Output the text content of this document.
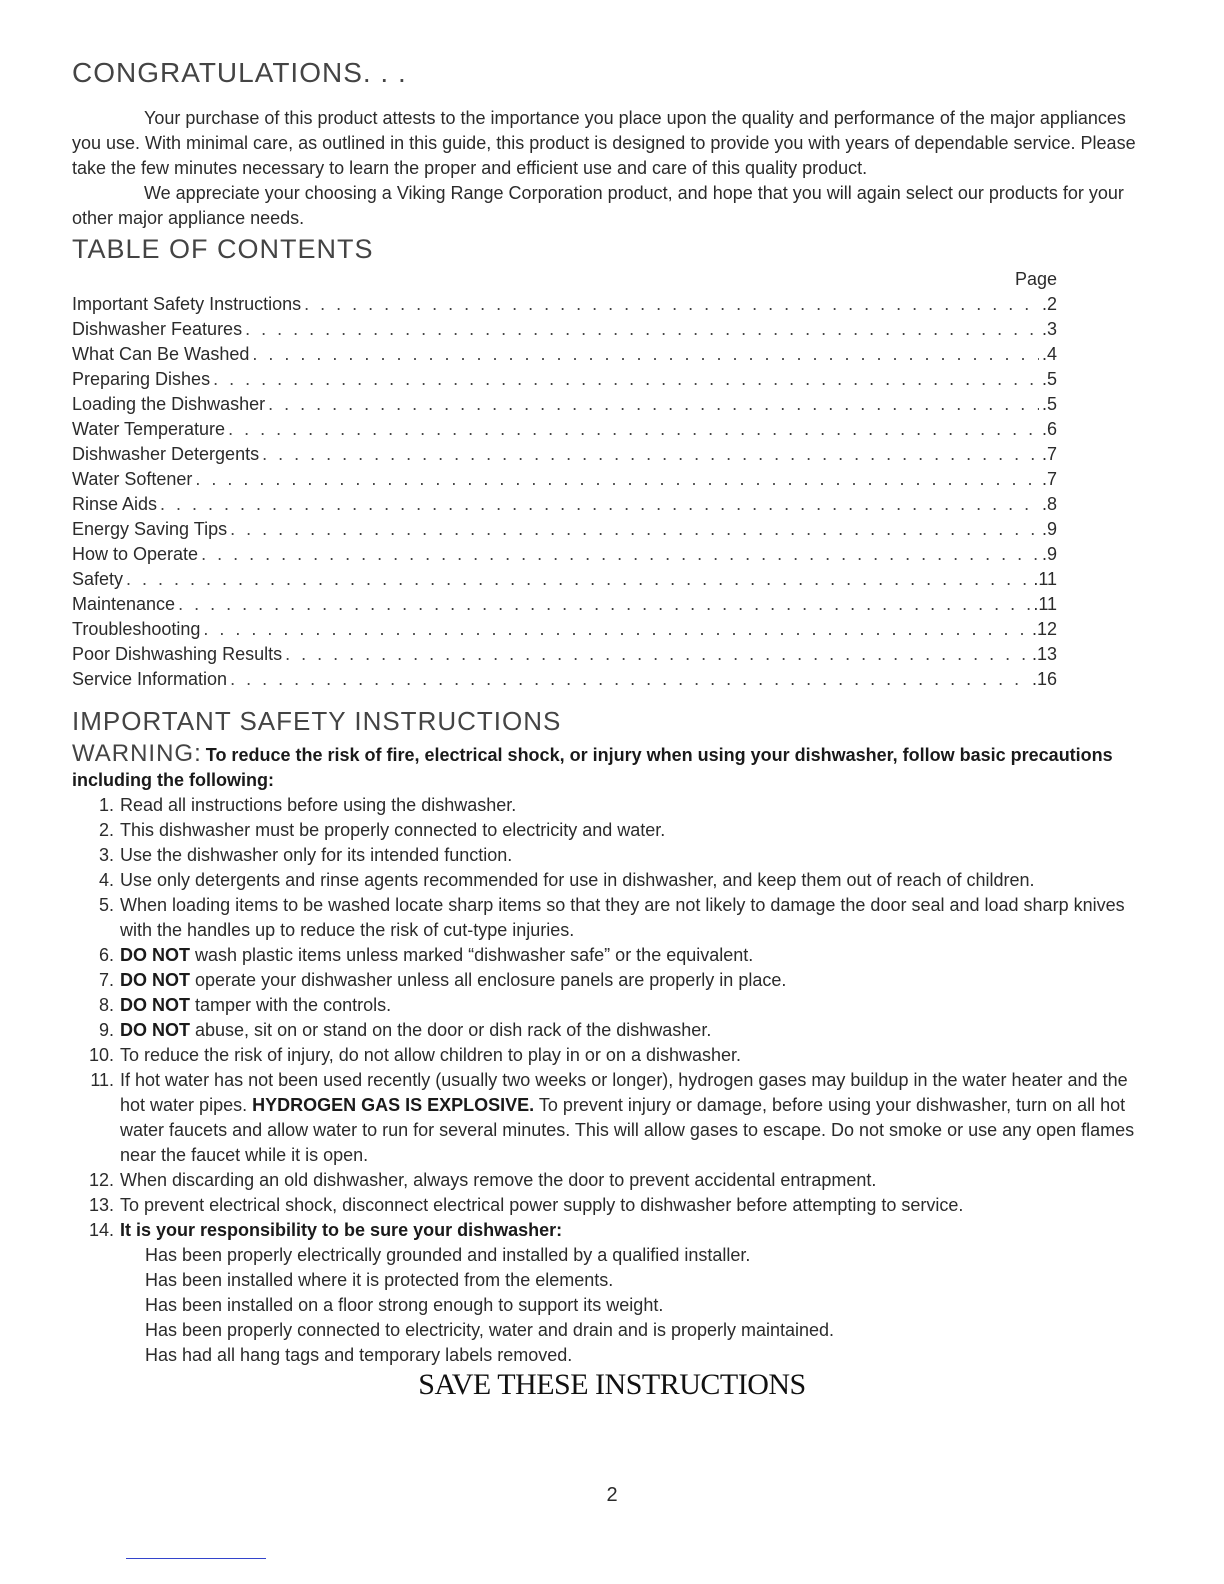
CONGRATULATIONS. . .

Your purchase of this product attests to the importance you place upon the quality and performance of the major appliances you use. With minimal care, as outlined in this guide, this product is designed to provide you with years of dependable service. Please take the few minutes necessary to learn the proper and efficient use and care of this quality product.

We appreciate your choosing a Viking Range Corporation product, and hope that you will again select our products for your other major appliance needs.

TABLE OF CONTENTS
Page
Important Safety Instructions . . .	.2
Dishwasher Features . . .	.3
What Can Be Washed . . .	.4
Preparing Dishes . . .	.5
Loading the Dishwasher . . .	.5
Water Temperature . . .	.6
Dishwasher Detergents . . .	.7
Water Softener . . .	.7
Rinse Aids . . .	.8
Energy Saving Tips . . .	.9
How to Operate . . .	.9
Safety . . .	.11
Maintenance . . .	.11
Troubleshooting . . .	.12
Poor Dishwashing Results . . .	.13
Service Information . . .	.16
IMPORTANT SAFETY INSTRUCTIONS

WARNING: To reduce the risk of fire, electrical shock, or injury when using your dishwasher, follow basic precautions including the following:

1.
Read all instructions before using the dishwasher.
2.
This dishwasher must be properly connected to electricity and water.
3.
Use the dishwasher only for its intended function.
4.
Use only detergents and rinse agents recommended for use in dishwasher, and keep them out of reach of children.
5.
When loading items to be washed locate sharp items so that they are not likely to damage the door seal and load sharp knives with the handles up to reduce the risk of cut-type injuries.
6.
DO NOT wash plastic items unless marked “dishwasher safe” or the equivalent.
7.
DO NOT operate your dishwasher unless all enclosure panels are properly in place.
8.
DO NOT tamper with the controls.
9.
DO NOT abuse, sit on or stand on the door or dish rack of the dishwasher.
10.
To reduce the risk of injury, do not allow children to play in or on a dishwasher.
11.
If hot water has not been used recently (usually two weeks or longer), hydrogen gases may buildup in the water heater and the hot water pipes. HYDROGEN GAS IS EXPLOSIVE. To prevent injury or damage, before using your dishwasher, turn on all hot water faucets and allow water to run for several minutes. This will allow gases to escape. Do not smoke or use any open flames near the faucet while it is open.
12.
When discarding an old dishwasher, always remove the door to prevent accidental entrapment.
13.
To prevent electrical shock, disconnect electrical power supply to dishwasher before attempting to service.
14.
It is your responsibility to be sure your dishwasher:
Has been properly electrically grounded and installed by a qualified installer.
Has been installed where it is protected from the elements.
Has been installed on a floor strong enough to support its weight.
Has been properly connected to electricity, water and drain and is properly maintained.
Has had all hang tags and temporary labels removed.

SAVE THESE INSTRUCTIONS

2
